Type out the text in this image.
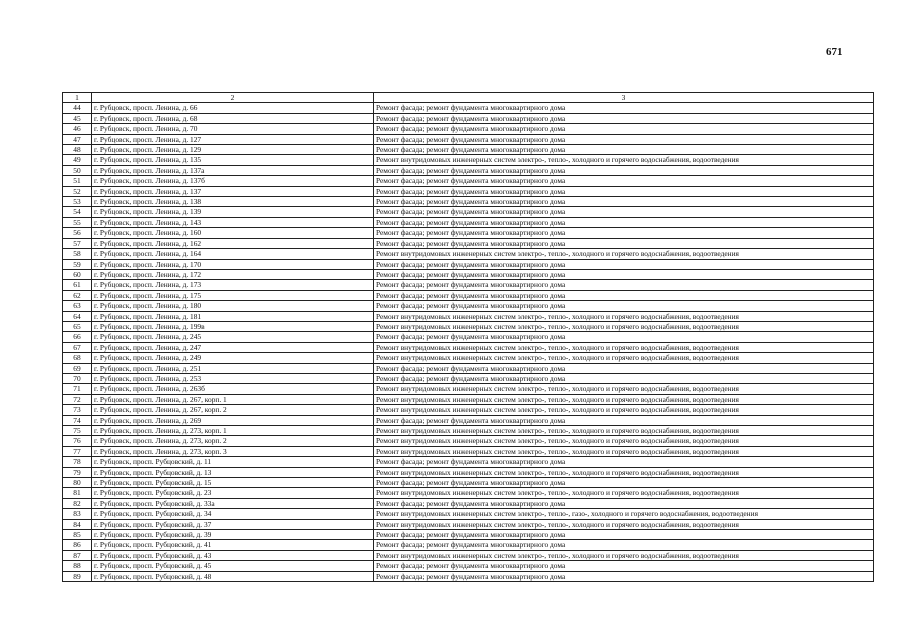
671
1	2	3
44	г. Рубцовск, просп. Ленина, д. 66	Ремонт фасада; ремонт фундамента многоквартирного дома
45	г. Рубцовск, просп. Ленина, д. 68	Ремонт фасада; ремонт фундамента многоквартирного дома
46	г. Рубцовск, просп. Ленина, д. 70	Ремонт фасада; ремонт фундамента многоквартирного дома
47	г. Рубцовск, просп. Ленина, д. 127	Ремонт фасада; ремонт фундамента многоквартирного дома
48	г. Рубцовск, просп. Ленина, д. 129	Ремонт фасада; ремонт фундамента многоквартирного дома
49	г. Рубцовск, просп. Ленина, д. 135	Ремонт внутридомовых инженерных систем электро-, тепло-, холодного и горячего водоснабжения, водоотведения
50	г. Рубцовск, просп. Ленина, д. 137а	Ремонт фасада; ремонт фундамента многоквартирного дома
51	г. Рубцовск, просп. Ленина, д. 137б	Ремонт фасада; ремонт фундамента многоквартирного дома
52	г. Рубцовск, просп. Ленина, д. 137	Ремонт фасада; ремонт фундамента многоквартирного дома
53	г. Рубцовск, просп. Ленина, д. 138	Ремонт фасада; ремонт фундамента многоквартирного дома
54	г. Рубцовск, просп. Ленина, д. 139	Ремонт фасада; ремонт фундамента многоквартирного дома
55	г. Рубцовск, просп. Ленина, д. 143	Ремонт фасада; ремонт фундамента многоквартирного дома
56	г. Рубцовск, просп. Ленина, д. 160	Ремонт фасада; ремонт фундамента многоквартирного дома
57	г. Рубцовск, просп. Ленина, д. 162	Ремонт фасада; ремонт фундамента многоквартирного дома
58	г. Рубцовск, просп. Ленина, д. 164	Ремонт внутридомовых инженерных систем электро-, тепло-, холодного и горячего водоснабжения, водоотведения
59	г. Рубцовск, просп. Ленина, д. 170	Ремонт фасада; ремонт фундамента многоквартирного дома
60	г. Рубцовск, просп. Ленина, д. 172	Ремонт фасада; ремонт фундамента многоквартирного дома
61	г. Рубцовск, просп. Ленина, д. 173	Ремонт фасада; ремонт фундамента многоквартирного дома
62	г. Рубцовск, просп. Ленина, д. 175	Ремонт фасада; ремонт фундамента многоквартирного дома
63	г. Рубцовск, просп. Ленина, д. 180	Ремонт фасада; ремонт фундамента многоквартирного дома
64	г. Рубцовск, просп. Ленина, д. 181	Ремонт внутридомовых инженерных систем электро-, тепло-, холодного и горячего водоснабжения, водоотведения
65	г. Рубцовск, просп. Ленина, д. 199в	Ремонт внутридомовых инженерных систем электро-, тепло-, холодного и горячего водоснабжения, водоотведения
66	г. Рубцовск, просп. Ленина, д. 245	Ремонт фасада; ремонт фундамента многоквартирного дома
67	г. Рубцовск, просп. Ленина, д. 247	Ремонт внутридомовых инженерных систем электро-, тепло-, холодного и горячего водоснабжения, водоотведения
68	г. Рубцовск, просп. Ленина, д. 249	Ремонт внутридомовых инженерных систем электро-, тепло-, холодного и горячего водоснабжения, водоотведения
69	г. Рубцовск, просп. Ленина, д. 251	Ремонт фасада; ремонт фундамента многоквартирного дома
70	г. Рубцовск, просп. Ленина, д. 253	Ремонт фасада; ремонт фундамента многоквартирного дома
71	г. Рубцовск, просп. Ленина, д. 263б	Ремонт внутридомовых инженерных систем электро-, тепло-, холодного и горячего водоснабжения, водоотведения
72	г. Рубцовск, просп. Ленина, д. 267, корп. 1	Ремонт внутридомовых инженерных систем электро-, тепло-, холодного и горячего водоснабжения, водоотведения
73	г. Рубцовск, просп. Ленина, д. 267, корп. 2	Ремонт внутридомовых инженерных систем электро-, тепло-, холодного и горячего водоснабжения, водоотведения
74	г. Рубцовск, просп. Ленина, д. 269	Ремонт фасада; ремонт фундамента многоквартирного дома
75	г. Рубцовск, просп. Ленина, д. 273, корп. 1	Ремонт внутридомовых инженерных систем электро-, тепло-, холодного и горячего водоснабжения, водоотведения
76	г. Рубцовск, просп. Ленина, д. 273, корп. 2	Ремонт внутридомовых инженерных систем электро-, тепло-, холодного и горячего водоснабжения, водоотведения
77	г. Рубцовск, просп. Ленина, д. 273, корп. 3	Ремонт внутридомовых инженерных систем электро-, тепло-, холодного и горячего водоснабжения, водоотведения
78	г. Рубцовск, просп. Рубцовский, д. 11	Ремонт фасада; ремонт фундамента многоквартирного дома
79	г. Рубцовск, просп. Рубцовский, д. 13	Ремонт внутридомовых инженерных систем электро-, тепло-, холодного и горячего водоснабжения, водоотведения
80	г. Рубцовск, просп. Рубцовский, д. 15	Ремонт фасада; ремонт фундамента многоквартирного дома
81	г. Рубцовск, просп. Рубцовский, д. 23	Ремонт внутридомовых инженерных систем электро-, тепло-, холодного и горячего водоснабжения, водоотведения
82	г. Рубцовск, просп. Рубцовский, д. 33а	Ремонт фасада; ремонт фундамента многоквартирного дома
83	г. Рубцовск, просп. Рубцовский, д. 34	Ремонт внутридомовых инженерных систем электро-, тепло-, газо-, холодного и горячего водоснабжения, водоотведения
84	г. Рубцовск, просп. Рубцовский, д. 37	Ремонт внутридомовых инженерных систем электро-, тепло-, холодного и горячего водоснабжения, водоотведения
85	г. Рубцовск, просп. Рубцовский, д. 39	Ремонт фасада; ремонт фундамента многоквартирного дома
86	г. Рубцовск, просп. Рубцовский, д. 41	Ремонт фасада; ремонт фундамента многоквартирного дома
87	г. Рубцовск, просп. Рубцовский, д. 43	Ремонт внутридомовых инженерных систем электро-, тепло-, холодного и горячего водоснабжения, водоотведения
88	г. Рубцовск, просп. Рубцовский, д. 45	Ремонт фасада; ремонт фундамента многоквартирного дома
89	г. Рубцовск, просп. Рубцовский, д. 48	Ремонт фасада; ремонт фундамента многоквартирного дома
